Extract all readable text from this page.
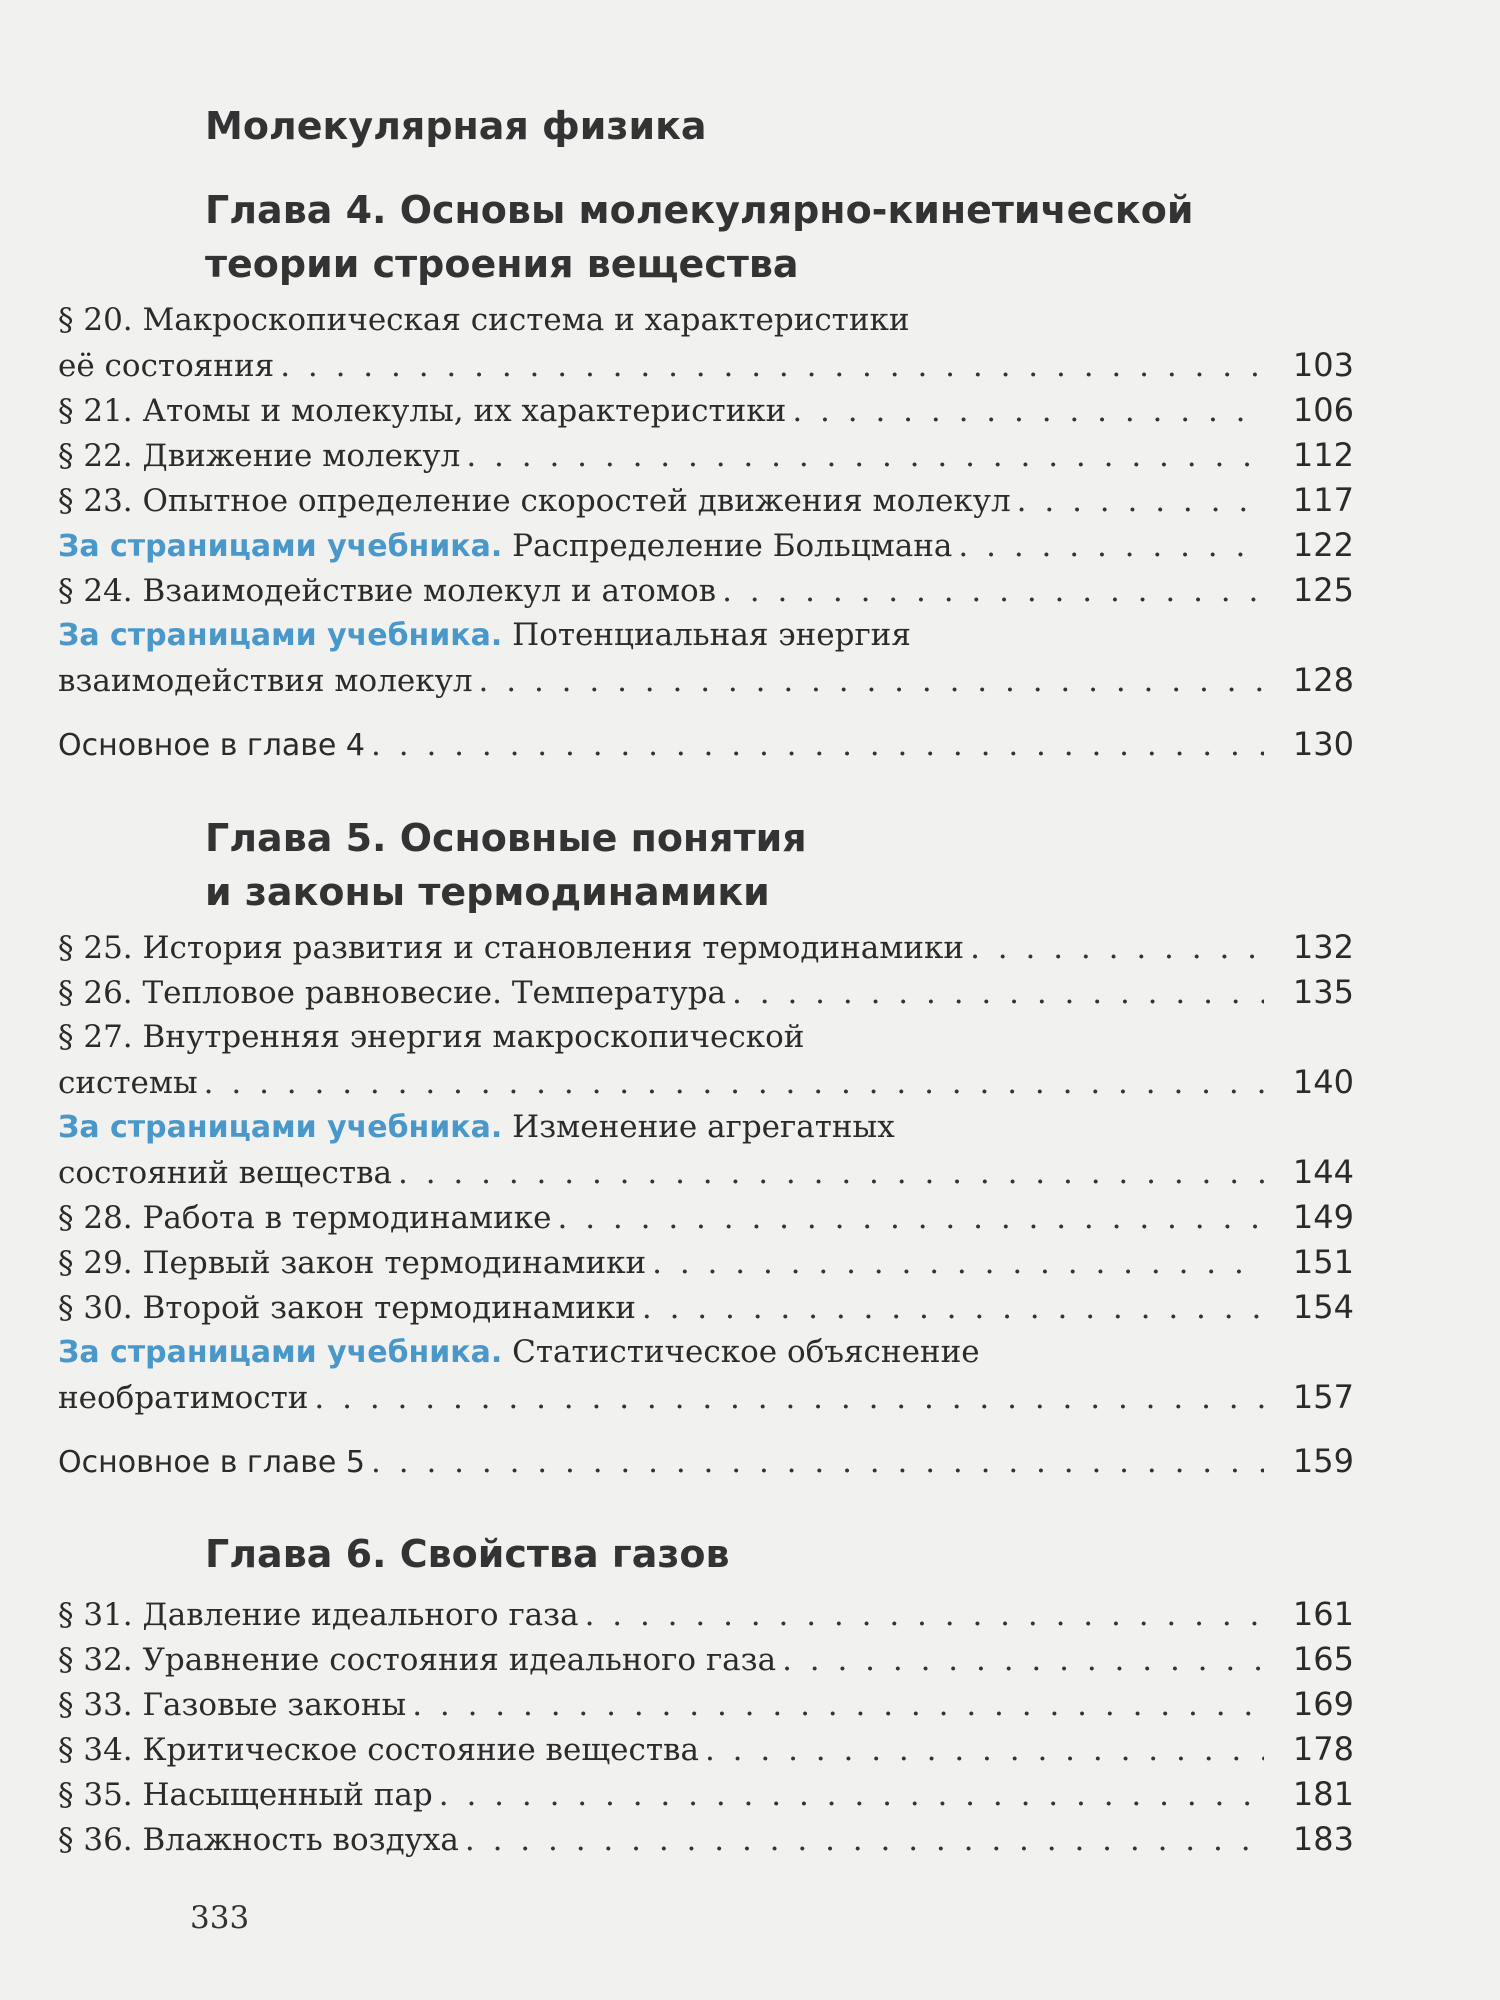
Молекулярная физика
Глава 4. Основы молекулярно-кинетической
теории строения вещества
§ 20. Макроскопическая система и характеристики
её состояния . . .	103
§ 21. Атомы и молекулы, их характеристики . . .	106
§ 22. Движение молекул . . .	112
§ 23. Опытное определение скоростей движения молекул . . .	117
За страницами учебника. Распределение Больцмана . . .	122
§ 24. Взаимодействие молекул и атомов . . .	125
За страницами учебника. Потенциальная энергия
взаимодействия молекул . . .	128
Основное в главе 4 . . .	130
Глава 5. Основные понятия
и законы термодинамики
§ 25. История развития и становления термодинамики . . .	132
§ 26. Тепловое равновесие. Температура . . .	135
§ 27. Внутренняя энергия макроскопической
системы . . .	140
За страницами учебника. Изменение агрегатных
состояний вещества . . .	144
§ 28. Работа в термодинамике . . .	149
§ 29. Первый закон термодинамики . . .	151
§ 30. Второй закон термодинамики . . .	154
За страницами учебника. Статистическое объяснение
необратимости . . .	157
Основное в главе 5 . . .	159
Глава 6. Свойства газов
§ 31. Давление идеального газа . . .	161
§ 32. Уравнение состояния идеального газа . . .	165
§ 33. Газовые законы . . .	169
§ 34. Критическое состояние вещества . . .	178
§ 35. Насыщенный пар . . .	181
§ 36. Влажность воздуха . . .	183
333
